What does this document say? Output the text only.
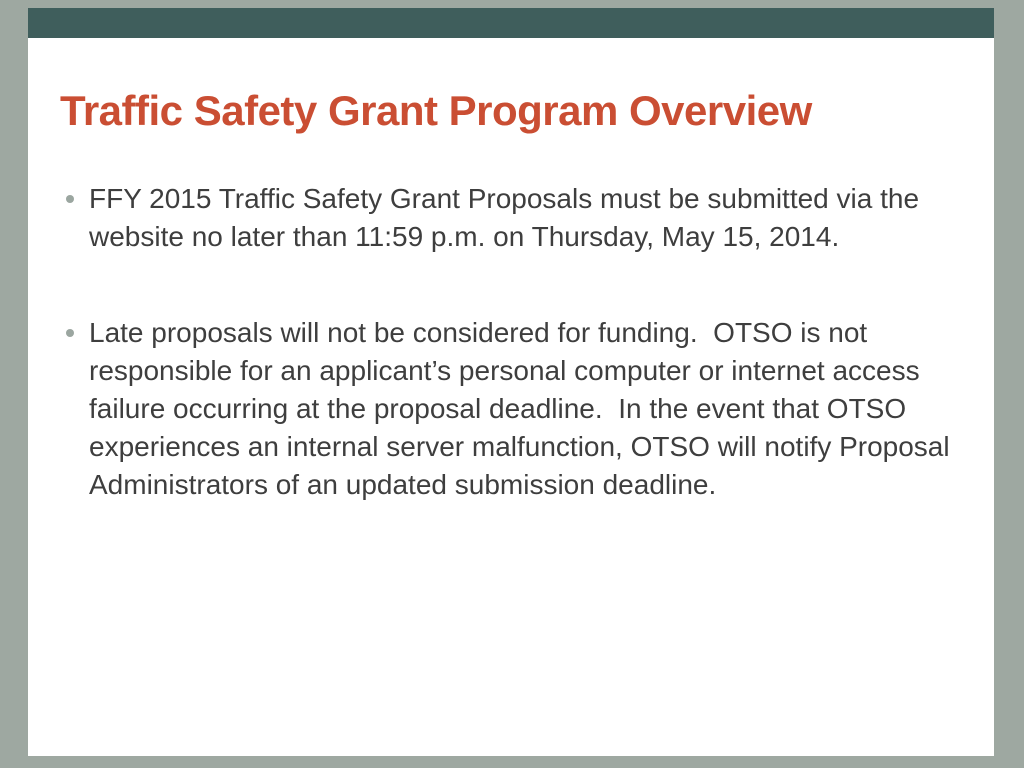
Traffic Safety Grant Program Overview

FFY 2015 Traffic Safety Grant Proposals must be submitted via the website no later than 11:59 p.m. on Thursday, May 15, 2014.

Late proposals will not be considered for funding.  OTSO is not responsible for an applicant’s personal computer or internet access failure occurring at the proposal deadline.  In the event that OTSO experiences an internal server malfunction, OTSO will notify Proposal Administrators of an updated submission deadline.
